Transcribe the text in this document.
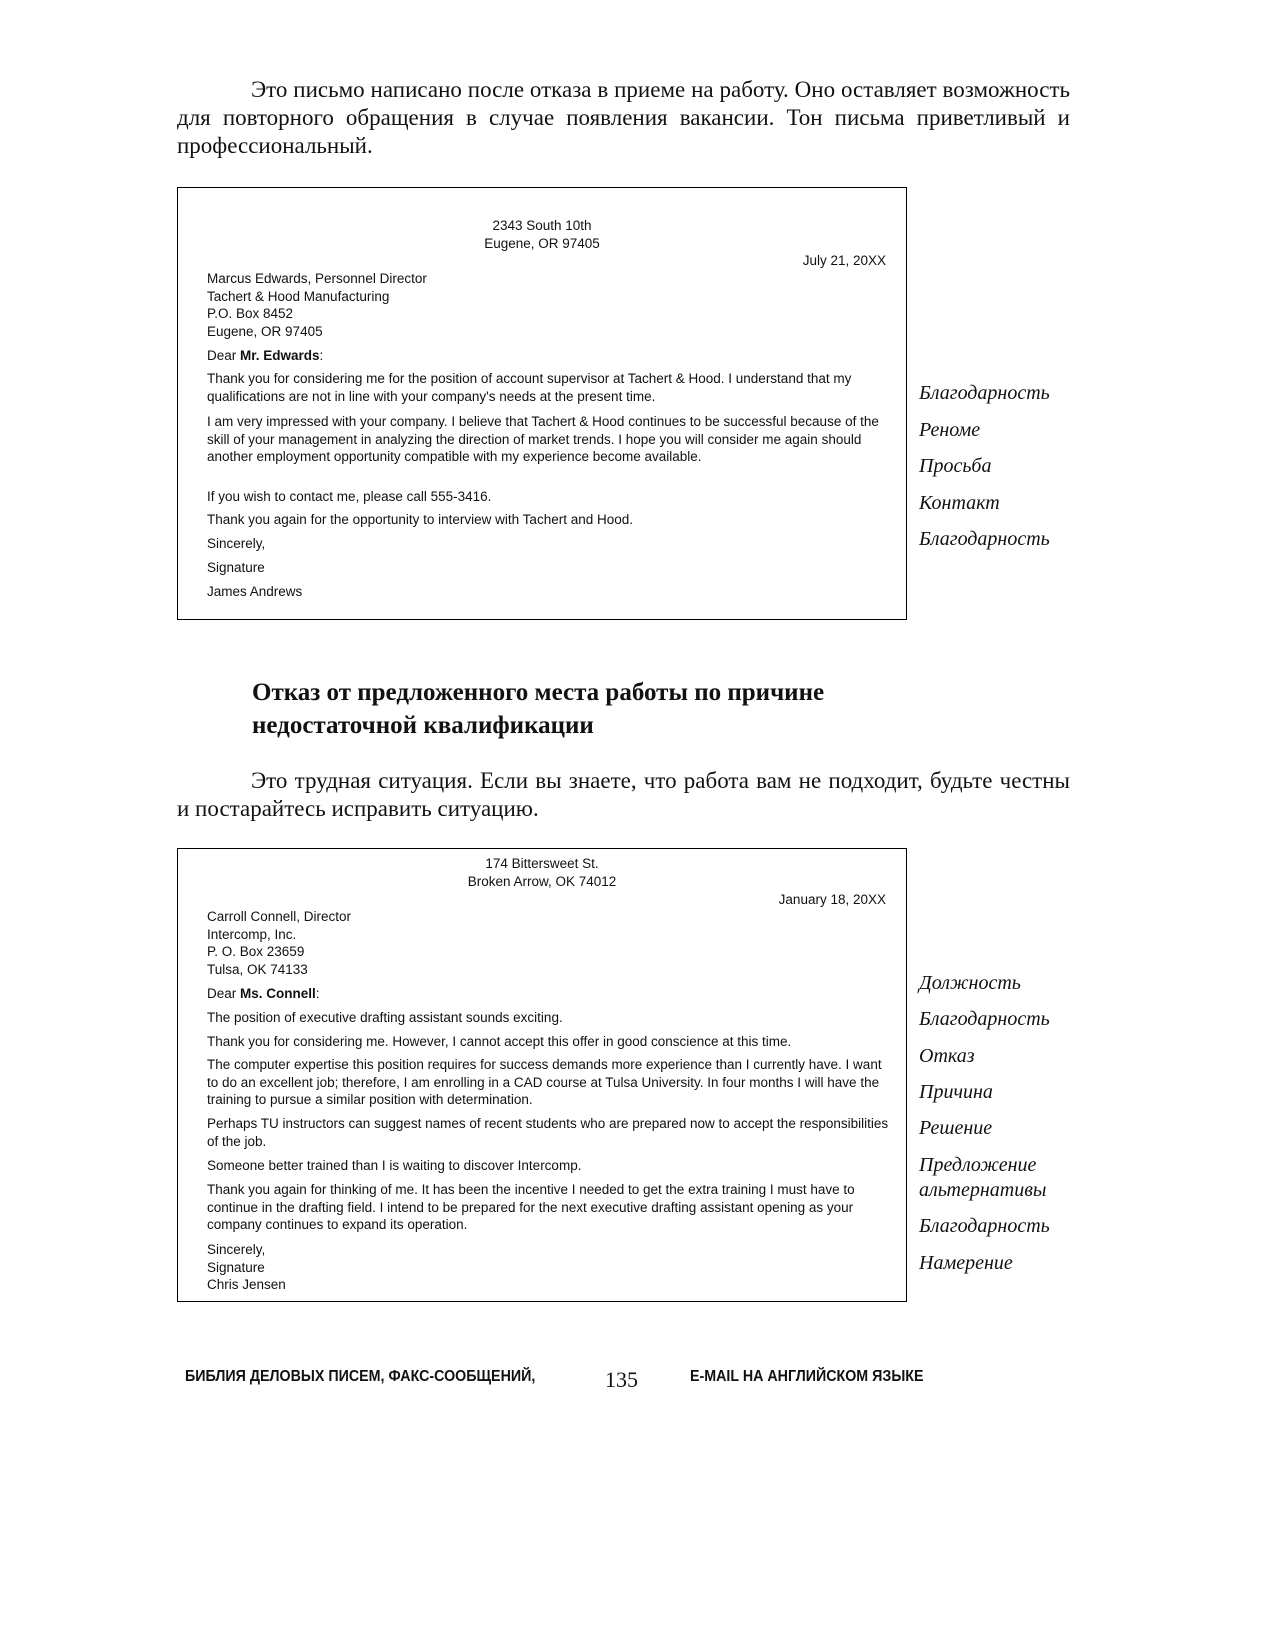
Это письмо написано после отказа в приеме на работу. Оно оставляет возможность для повторного обращения в случае появления вакансии. Тон письма приветливый и профессиональный.

2343 South 10th
Eugene, OR 97405
July 21, 20XX
Marcus Edwards, Personnel Director
Tachert & Hood Manufacturing
P.O. Box 8452
Eugene, OR 97405
Dear Mr. Edwards:
Thank you for considering me for the position of account supervisor at Tachert & Hood. I understand that my qualifications are not in line with your company's needs at the present time.
I am very impressed with your company. I believe that Tachert & Hood continues to be successful because of the skill of your management in analyzing the direction of market trends. I hope you will consider me again should another employment opportunity compatible with my experience become available.
If you wish to contact me, please call 555-3416.
Thank you again for the opportunity to interview with Tachert and Hood.
Sincerely,
Signature
James Andrews
Благодарность
Реноме
Просьба
Контакт
Благодарность
Отказ от предложенного места работы по причине
недостаточной квалификации

Это трудная ситуация. Если вы знаете, что работа вам не подходит, будьте честны и постарайтесь исправить ситуацию.

174 Bittersweet St.
Broken Arrow, OK 74012
January 18, 20XX
Carroll Connell, Director
Intercomp, Inc.
P. O. Box 23659
Tulsa, OK 74133
Dear Ms. Connell:
The position of executive drafting assistant sounds exciting.
Thank you for considering me. However, I cannot accept this offer in good conscience at this time.
The computer expertise this position requires for success demands more experience than I currently have. I want to do an excellent job; therefore, I am enrolling in a CAD course at Tulsa University. In four months I will have the training to pursue a similar position with determination.
Perhaps TU instructors can suggest names of recent students who are prepared now to accept the responsibilities of the job.
Someone better trained than I is waiting to discover Intercomp.
Thank you again for thinking of me. It has been the incentive I needed to get the extra training I must have to continue in the drafting field. I intend to be prepared for the next executive drafting assistant opening as your company continues to expand its operation.
Sincerely,
Signature
Chris Jensen
Должность
Благодарность
Отказ
Причина
Решение
Предложение
альтернативы
Благодарность
Намерение
БИБЛИЯ ДЕЛОВЫХ ПИСЕМ, ФАКС-СООБЩЕНИЙ,	135	E-MAIL НА АНГЛИЙСКОМ ЯЗЫКЕ
